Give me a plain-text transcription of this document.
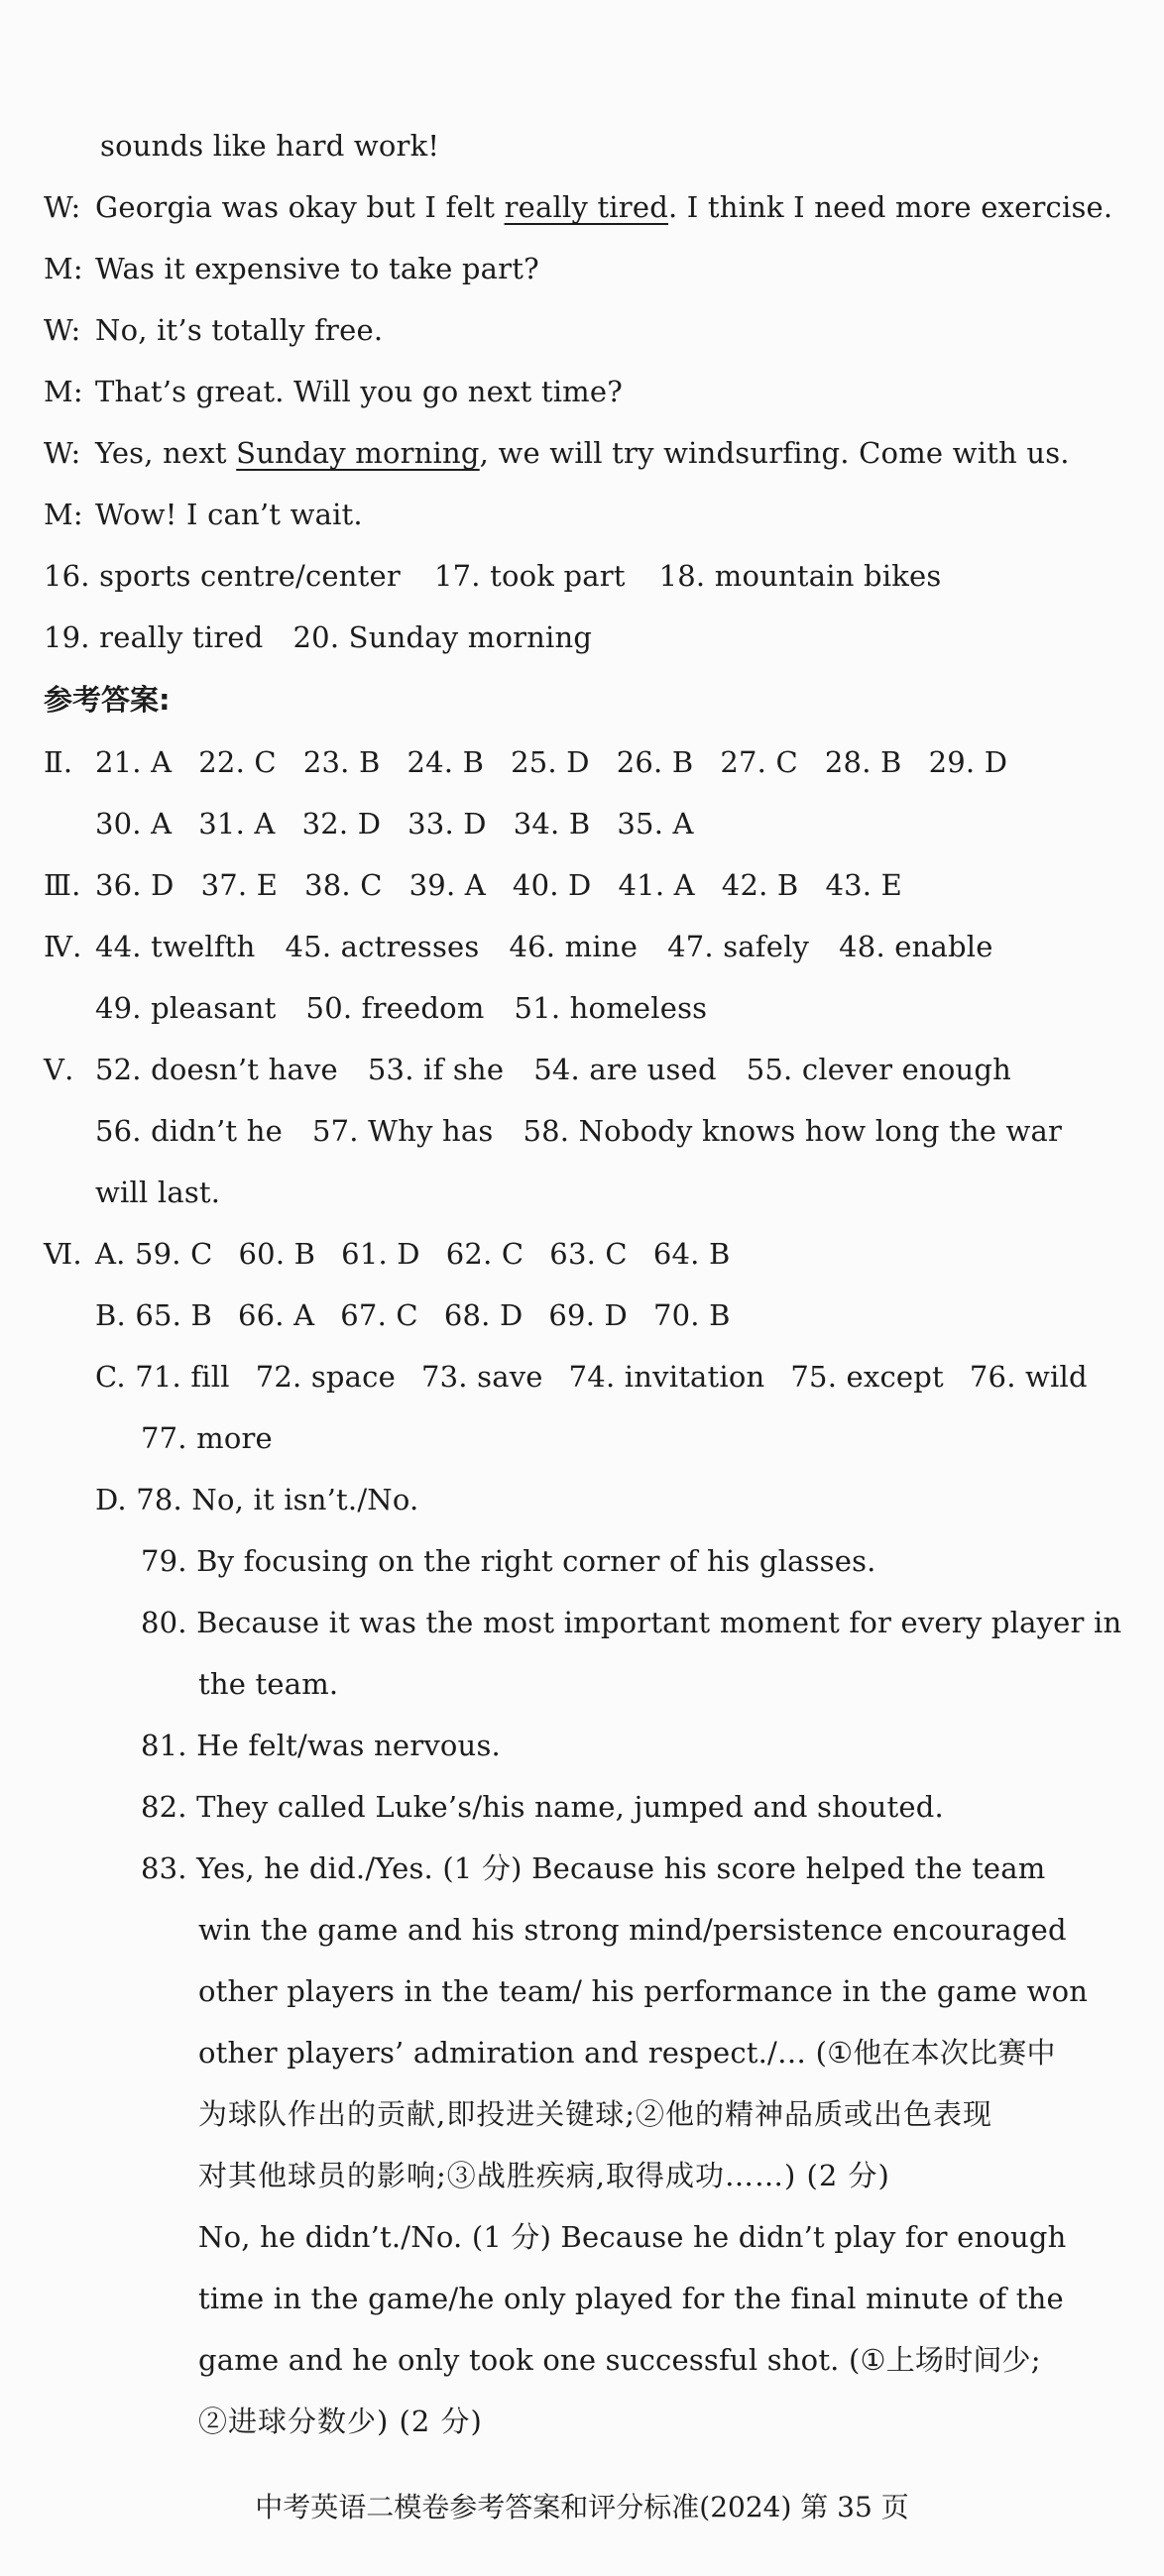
sounds like hard work!
W: Georgia was okay but I felt really tired. I think I need more exercise.
M: Was it expensive to take part?
W: No, it’s totally free.
M: That’s great. Will you go next time?
W: Yes, next Sunday morning, we will try windsurfing. Come with us.
M: Wow! I can’t wait.
16. sports centre/center 17. took part 18. mountain bikes
19. really tired 20. Sunday morning
参考答案:
Ⅱ. 21. A 22. C 23. B 24. B 25. D 26. B 27. C 28. B 29. D
30. A 31. A 32. D 33. D 34. B 35. A
Ⅲ. 36. D 37. E 38. C 39. A 40. D 41. A 42. B 43. E
Ⅳ. 44. twelfth 45. actresses 46. mine 47. safely 48. enable
49. pleasant 50. freedom 51. homeless
Ⅴ. 52. doesn’t have 53. if she 54. are used 55. clever enough
56. didn’t he 57. Why has 58. Nobody knows how long the war
will last.
Ⅵ. A. 59. C 60. B 61. D 62. C 63. C 64. B
B. 65. B 66. A 67. C 68. D 69. D 70. B
C. 71. fill 72. space 73. save 74. invitation 75. except 76. wild
77. more
D. 78. No, it isn’t./No.
79. By focusing on the right corner of his glasses.
80. Because it was the most important moment for every player in
the team.
81. He felt/was nervous.
82. They called Luke’s/his name, jumped and shouted.
83. Yes, he did./Yes. (1 分) Because his score helped the team
win the game and his strong mind/persistence encouraged
other players in the team/ his performance in the game won
other players’ admiration and respect./… (①他在本次比赛中
为球队作出的贡献,即投进关键球;②他的精神品质或出色表现
对其他球员的影响;③战胜疾病,取得成功……) (2 分)
No, he didn’t./No. (1 分) Because he didn’t play for enough
time in the game/he only played for the final minute of the
game and he only took one successful shot. (①上场时间少;
②进球分数少) (2 分)
中考英语二模卷参考答案和评分标准(2024) 第 35 页
